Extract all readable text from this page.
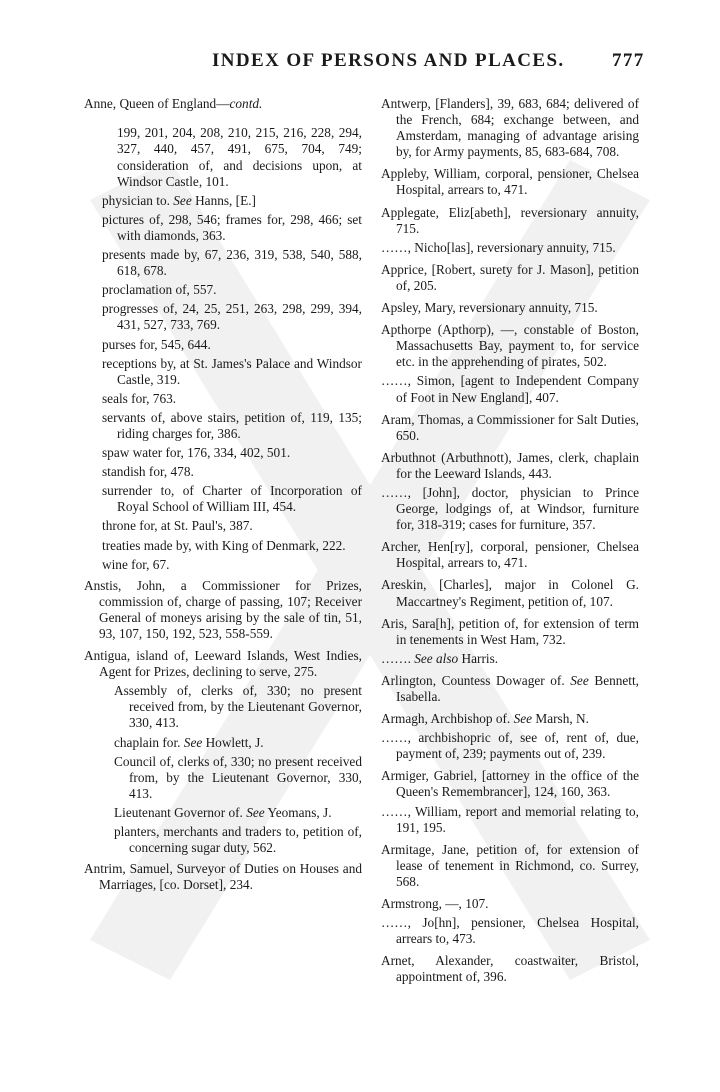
INDEX OF PERSONS AND PLACES. 777

Anne, Queen of England—contd.

199, 201, 204, 208, 210, 215, 216, 228, 294, 327, 440, 457, 491, 675, 704, 749; consideration of, and decisions upon, at Windsor Castle, 101.

physician to. See Hanns, [E.]

pictures of, 298, 546; frames for, 298, 466; set with diamonds, 363.

presents made by, 67, 236, 319, 538, 540, 588, 618, 678.

proclamation of, 557.

progresses of, 24, 25, 251, 263, 298, 299, 394, 431, 527, 733, 769.

purses for, 545, 644.

receptions by, at St. James's Palace and Windsor Castle, 319.

seals for, 763.

servants of, above stairs, petition of, 119, 135; riding charges for, 386.

spaw water for, 176, 334, 402, 501.

standish for, 478.

surrender to, of Charter of Incorporation of Royal School of William III, 454.

throne for, at St. Paul's, 387.

treaties made by, with King of Denmark, 222.

wine for, 67.

Anstis, John, a Commissioner for Prizes, commission of, charge of passing, 107; Receiver General of moneys arising by the sale of tin, 51, 93, 107, 150, 192, 523, 558-559.

Antigua, island of, Leeward Islands, West Indies, Agent for Prizes, declining to serve, 275.

Assembly of, clerks of, 330; no present received from, by the Lieutenant Governor, 330, 413.

chaplain for. See Howlett, J.

Council of, clerks of, 330; no present received from, by the Lieutenant Governor, 330, 413.

Lieutenant Governor of. See Yeomans, J.

planters, merchants and traders to, petition of, concerning sugar duty, 562.

Antrim, Samuel, Surveyor of Duties on Houses and Marriages, [co. Dorset], 234.

Antwerp, [Flanders], 39, 683, 684; delivered of the French, 684; exchange between, and Amsterdam, managing of advantage arising by, for Army payments, 85, 683-684, 708.

Appleby, William, corporal, pensioner, Chelsea Hospital, arrears to, 471.

Applegate, Eliz[abeth], reversionary annuity, 715.

……, Nicho[las], reversionary annuity, 715.

Apprice, [Robert, surety for J. Mason], petition of, 205.

Apsley, Mary, reversionary annuity, 715.

Apthorpe (Apthorp), —, constable of Boston, Massachusetts Bay, payment to, for service etc. in the apprehending of pirates, 502.

……, Simon, [agent to Independent Company of Foot in New England], 407.

Aram, Thomas, a Commissioner for Salt Duties, 650.

Arbuthnot (Arbuthnott), James, clerk, chaplain for the Leeward Islands, 443.

……, [John], doctor, physician to Prince George, lodgings of, at Windsor, furniture for, 318-319; cases for furniture, 357.

Archer, Hen[ry], corporal, pensioner, Chelsea Hospital, arrears to, 471.

Areskin, [Charles], major in Colonel G. Maccartney's Regiment, petition of, 107.

Aris, Sara[h], petition of, for extension of term in tenements in West Ham, 732.

……. See also Harris.

Arlington, Countess Dowager of. See Bennett, Isabella.

Armagh, Archbishop of. See Marsh, N.

……, archbishopric of, see of, rent of, due, payment of, 239; payments out of, 239.

Armiger, Gabriel, [attorney in the office of the Queen's Remembrancer], 124, 160, 363.

……, William, report and memorial relating to, 191, 195.

Armitage, Jane, petition of, for extension of lease of tenement in Richmond, co. Surrey, 568.

Armstrong, —, 107.

……, Jo[hn], pensioner, Chelsea Hospital, arrears to, 473.

Arnet, Alexander, coastwaiter, Bristol, appointment of, 396.
